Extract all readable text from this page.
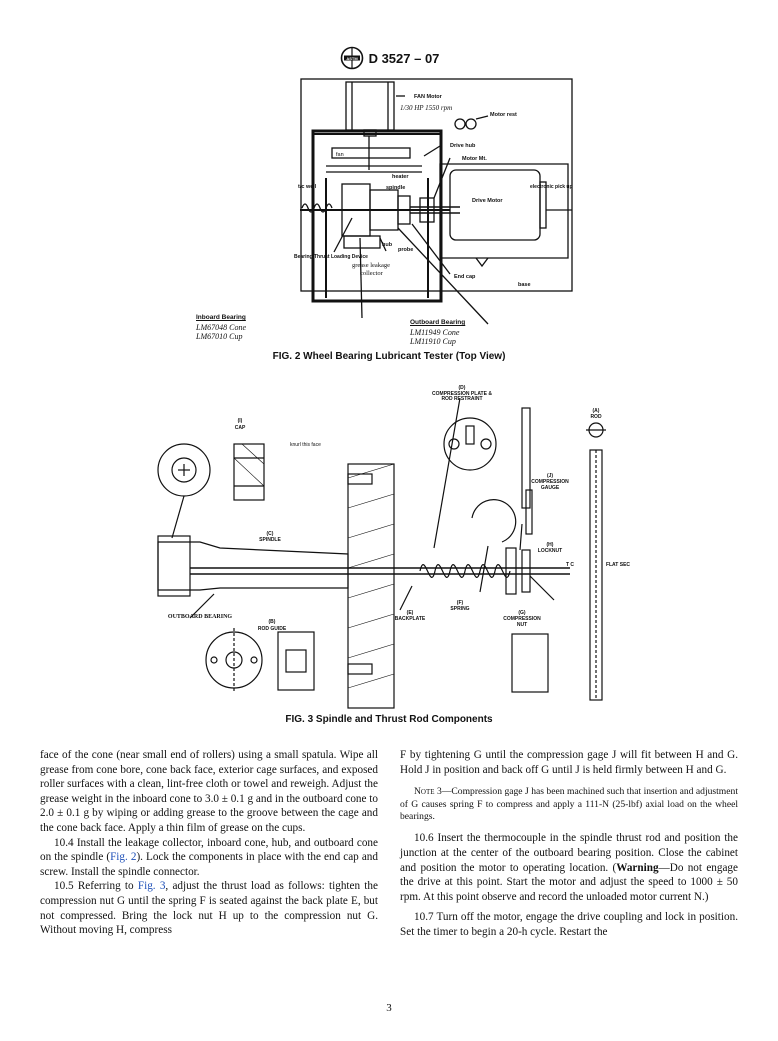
ASTM D 3527 – 07
FAN Motor
1/30 HP 1550 rpm
Motor rest
Drive hub
Motor Mt.
fan
heater
t/c well	spindle
Drive Motor
electronic pick up
hub
probe
grease leakage
collector
Bearing Thrust Loading Device
End cap
base
Inboard Bearing
LM67048 Cone
LM67010 Cup
Outboard Bearing
LM11949 Cone
LM11910 Cup
FIG. 2 Wheel Bearing Lubricant Tester (Top View)
(D)
COMPRESSION PLATE &
ROD RESTRAINT
(A)
ROD
(I)
CAP
knurl this face
(J)
COMPRESSION
GAUGE
(C)
SPINDLE
(H)
LOCKNUT
T C	FLAT SEC
OUTBOARD BEARING
(F)
SPRING
(E)
BACKPLATE
(G)
COMPRESSION
NUT
(B)
ROD GUIDE
FIG. 3 Spindle and Thrust Rod Components

face of the cone (near small end of rollers) using a small spatula. Wipe all grease from cone bore, cone back face, exterior cage surfaces, and exposed roller surfaces with a clean, lint-free cloth or towel and reweigh. Adjust the grease weight in the inboard cone to 3.0 ± 0.1 g and in the outboard cone to 2.0 ± 0.1 g by wiping or adding grease to the groove between the cage and the cone back face. Apply a thin film of grease on the cups.

10.4 Install the leakage collector, inboard cone, hub, and outboard cone on the spindle (Fig. 2). Lock the components in place with the end cap and screw. Install the spindle connector.

10.5 Referring to Fig. 3, adjust the thrust load as follows: tighten the compression nut G until the spring F is seated against the back plate E, but not compressed. Bring the lock nut H up to the compression nut G. Without moving H, compress

F by tightening G until the compression gage J will fit between H and G. Hold J in position and back off G until J is held firmly between H and G.

Note 3—Compression gage J has been machined such that insertion and adjustment of G causes spring F to compress and apply a 111-N (25-lbf) axial load on the wheel bearings.

10.6 Insert the thermocouple in the spindle thrust rod and position the junction at the center of the outboard bearing position. Close the cabinet and position the motor to operating location. (Warning—Do not engage the drive at this point. Start the motor and adjust the speed to 1000 ± 50 rpm. At this point observe and record the unloaded motor current N.)

10.7 Turn off the motor, engage the drive coupling and lock in position. Set the timer to begin a 20-h cycle. Restart the

3
